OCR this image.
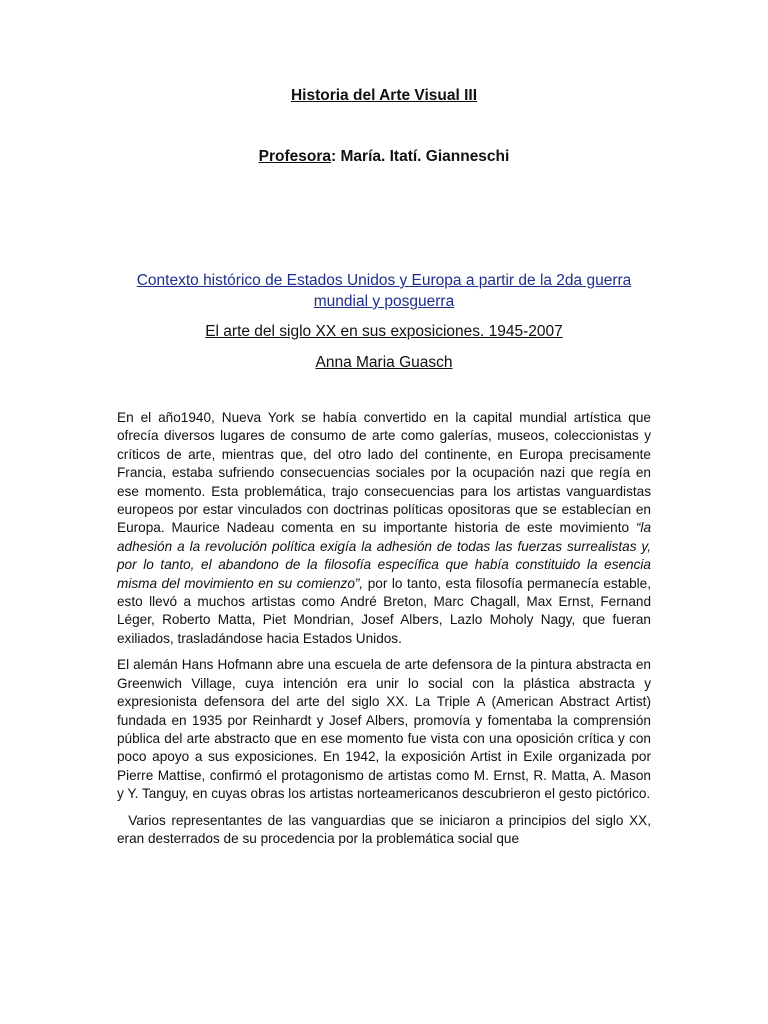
Historia del Arte Visual III
Profesora: María. Itatí. Gianneschi
Contexto histórico de Estados Unidos y Europa a partir de la 2da guerra mundial y posguerra
El arte del siglo XX en sus exposiciones. 1945-2007
Anna Maria Guasch

En el año1940, Nueva York se había convertido en la capital mundial artística que ofrecía diversos lugares de consumo de arte como galerías, museos, coleccionistas y críticos de arte, mientras que, del otro lado del continente, en Europa precisamente Francia, estaba sufriendo consecuencias sociales por la ocupación nazi que regía en ese momento. Esta problemática, trajo consecuencias para los artistas vanguardistas europeos por estar vinculados con doctrinas políticas opositoras que se establecían en Europa. Maurice Nadeau comenta en su importante historia de este movimiento “la adhesión a la revolución política exigía la adhesión de todas las fuerzas surrealistas y, por lo tanto, el abandono de la filosofía específica que había constituido la esencia misma del movimiento en su comienzo”, por lo tanto, esta filosofía permanecía estable, esto llevó a muchos artistas como André Breton, Marc Chagall, Max Ernst, Fernand Léger, Roberto Matta, Piet Mondrian, Josef Albers, Lazlo Moholy Nagy, que fueran exiliados, trasladándose hacia Estados Unidos.

El alemán Hans Hofmann abre una escuela de arte defensora de la pintura abstracta en Greenwich Village, cuya intención era unir lo social con la plástica abstracta y expresionista defensora del arte del siglo XX. La Triple A (American Abstract Artist) fundada en 1935 por Reinhardt y Josef Albers, promovía y fomentaba la comprensión pública del arte abstracto que en ese momento fue vista con una oposición crítica y con poco apoyo a sus exposiciones. En 1942, la exposición Artist in Exile organizada por Pierre Mattise, confirmó el protagonismo de artistas como M. Ernst, R. Matta, A. Mason y Y. Tanguy, en cuyas obras los artistas norteamericanos descubrieron el gesto pictórico.

Varios representantes de las vanguardias que se iniciaron a principios del siglo XX, eran desterrados de su procedencia por la problemática social que
